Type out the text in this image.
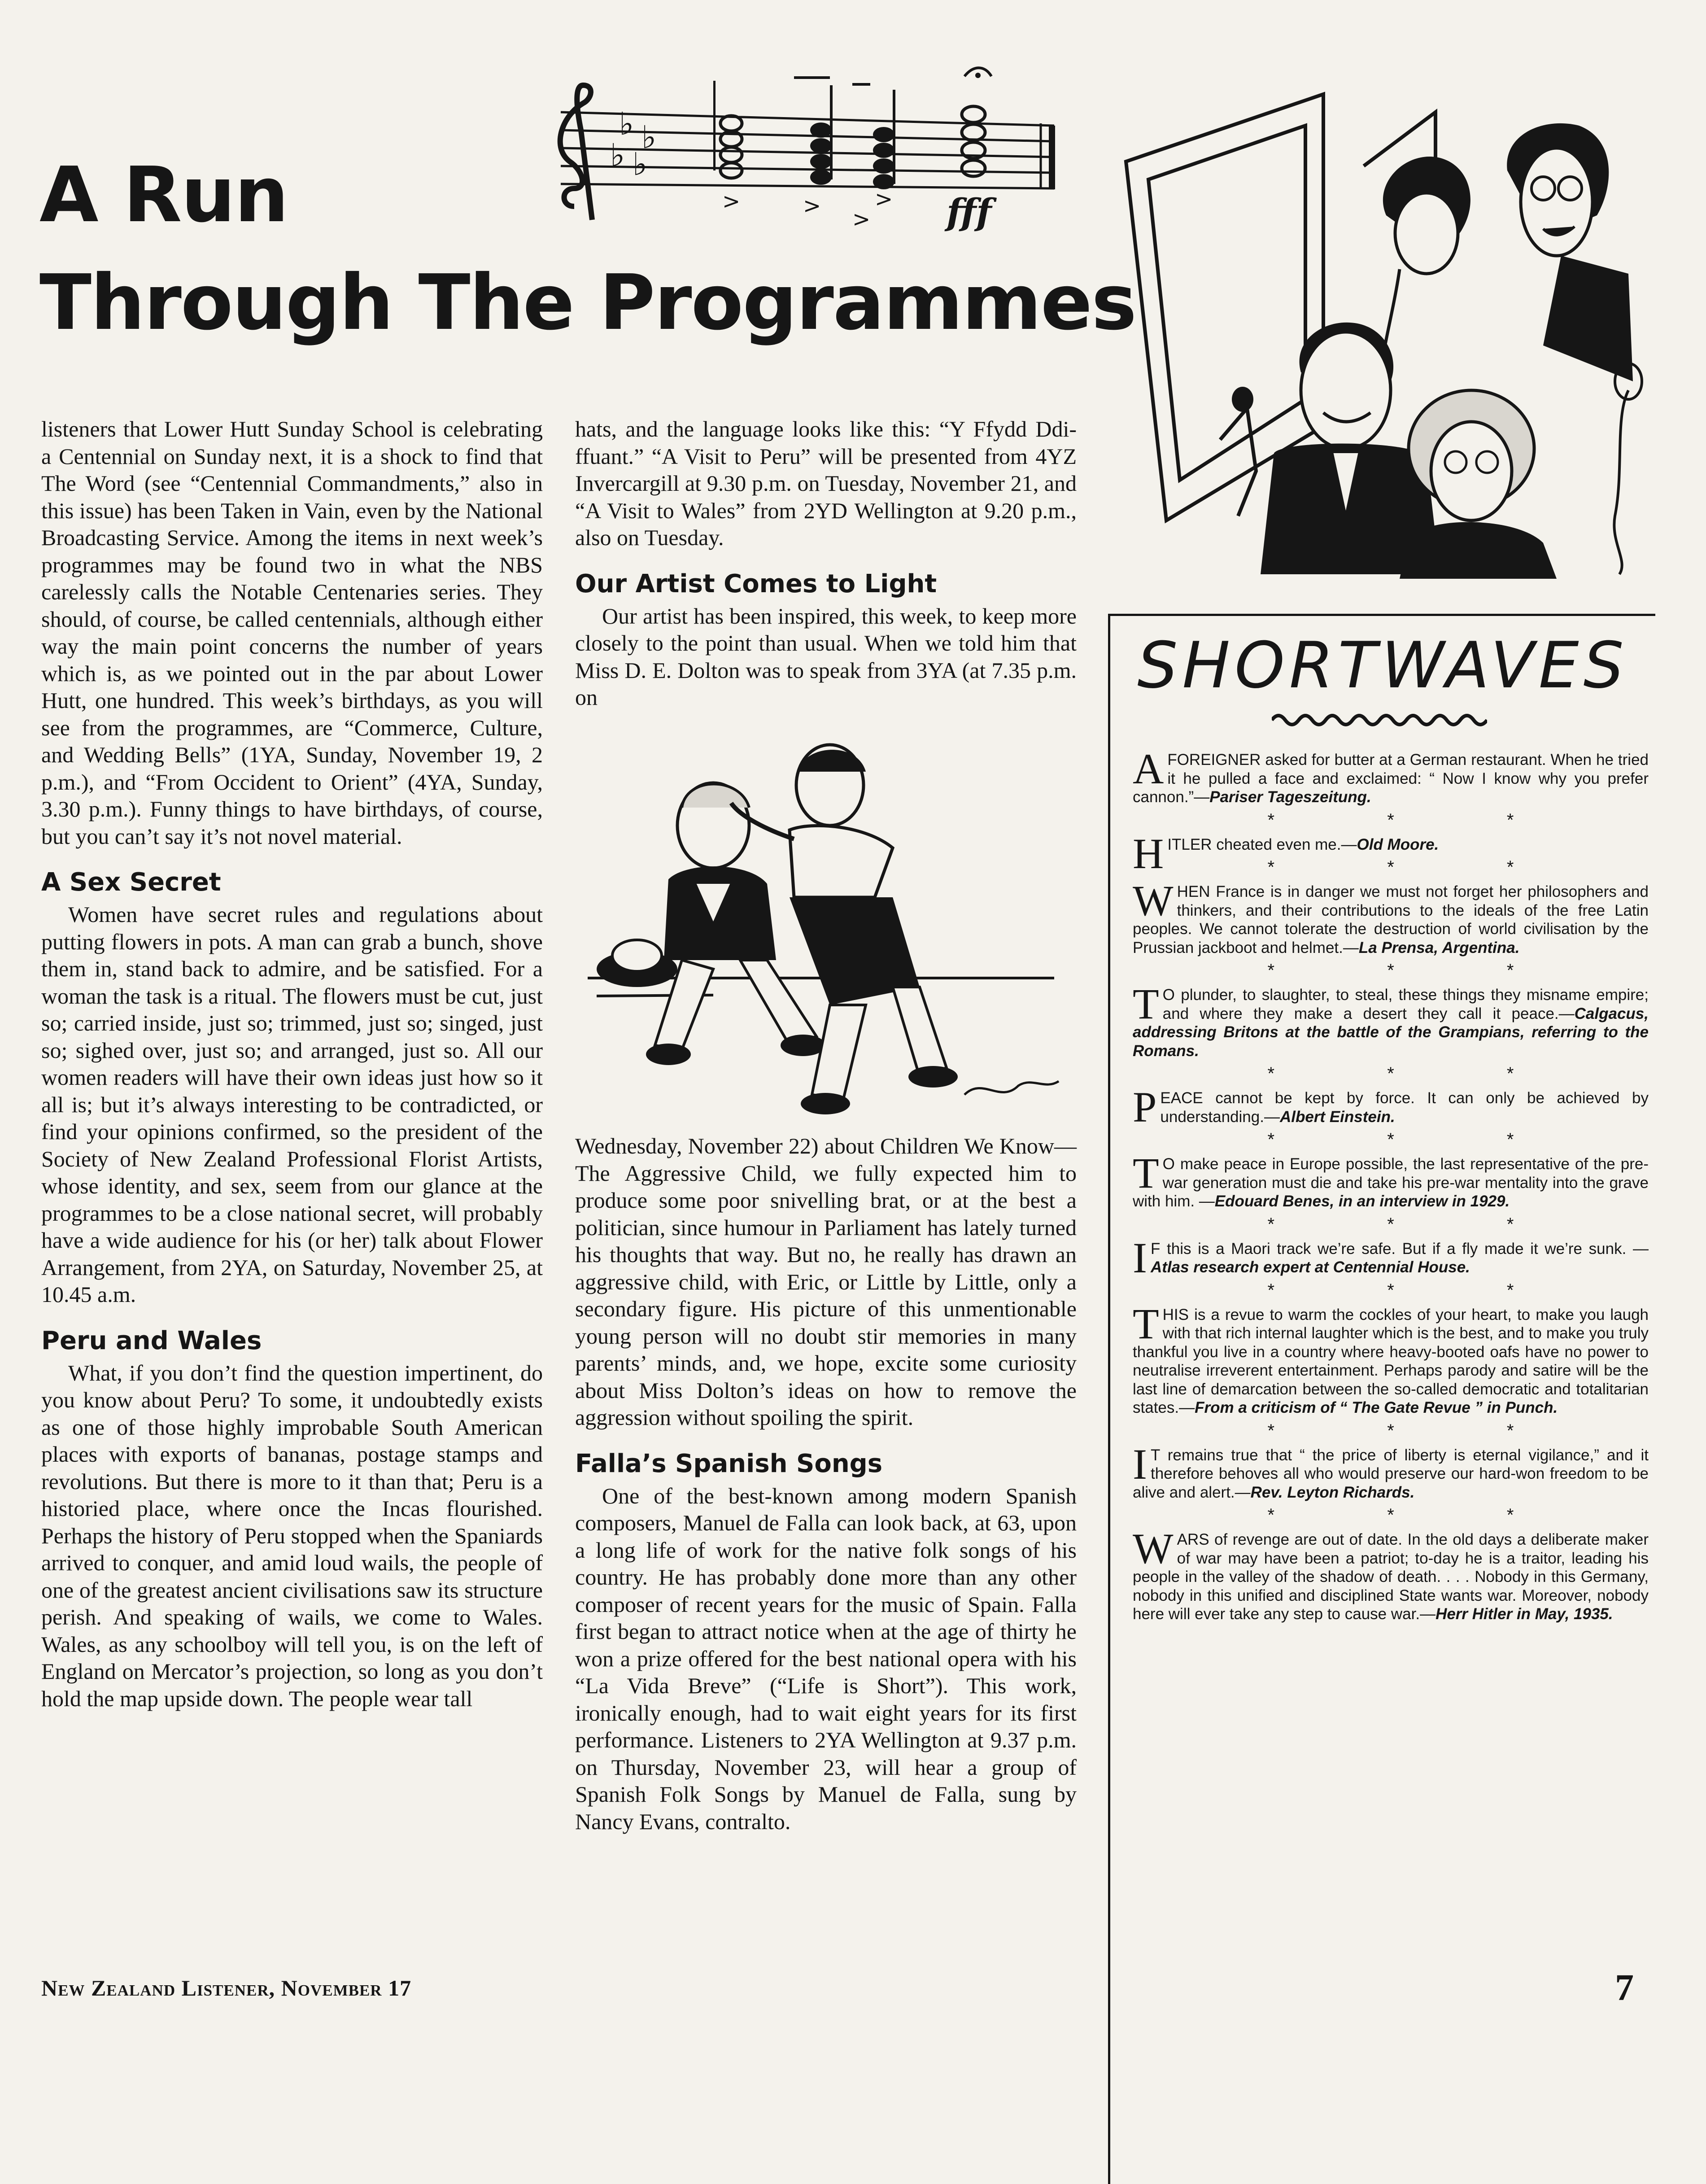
A Run
Through The Programmes
♭ ♭
♭ ♭
>	> >
> fff

listeners that Lower Hutt Sunday School is celebrating a Centennial on Sunday next, it is a shock to find that The Word (see “Centennial Commandments,” also in this issue) has been Taken in Vain, even by the National Broadcasting Service. Among the items in next week’s programmes may be found two in what the NBS carelessly calls the Notable Centenaries series. They should, of course, be called centennials, although either way the main point concerns the number of years which is, as we pointed out in the par about Lower Hutt, one hundred. This week’s birthdays, as you will see from the programmes, are “Commerce, Culture, and Wedding Bells” (1YA, Sunday, November 19, 2 p.m.), and “From Occident to Orient” (4YA, Sunday, 3.30 p.m.). Funny things to have birthdays, of course, but you can’t say it’s not novel material.

A Sex Secret

Women have secret rules and regulations about putting flowers in pots. A man can grab a bunch, shove them in, stand back to admire, and be satisfied. For a woman the task is a ritual. The flowers must be cut, just so; carried inside, just so; trimmed, just so; singed, just so; sighed over, just so; and arranged, just so. All our women readers will have their own ideas just how so it all is; but it’s always interesting to be contradicted, or find your opinions confirmed, so the president of the Society of New Zealand Professional Florist Artists, whose identity, and sex, seem from our glance at the programmes to be a close national secret, will probably have a wide audience for his (or her) talk about Flower Arrangement, from 2YA, on Saturday, November 25, at 10.45 a.m.

Peru and Wales

What, if you don’t find the question impertinent, do you know about Peru? To some, it undoubtedly exists as one of those highly improbable South American places with exports of bananas, postage stamps and revolutions. But there is more to it than that; Peru is a historied place, where once the Incas flourished. Perhaps the history of Peru stopped when the Spaniards arrived to conquer, and amid loud wails, the people of one of the greatest ancient civilisations saw its structure perish. And speaking of wails, we come to Wales. Wales, as any schoolboy will tell you, is on the left of England on Mercator’s projection, so long as you don’t hold the map upside down. The people wear tall

hats, and the language looks like this: “Y Ffydd Ddi-ffuant.” “A Visit to Peru” will be presented from 4YZ Invercargill at 9.30 p.m. on Tuesday, November 21, and “A Visit to Wales” from 2YD Wellington at 9.20 p.m., also on Tuesday.

Our Artist Comes to Light

Our artist has been inspired, this week, to keep more closely to the point than usual. When we told him that Miss D. E. Dolton was to speak from 3YA (at 7.35 p.m. on

Wednesday, November 22) about Children We Know—The Aggressive Child, we fully expected him to produce some poor snivelling brat, or at the best a politician, since humour in Parliament has lately turned his thoughts that way. But no, he really has drawn an aggressive child, with Eric, or Little by Little, only a secondary figure. His picture of this unmentionable young person will no doubt stir memories in many parents’ minds, and, we hope, excite some curiosity about Miss Dolton’s ideas on how to remove the aggression without spoiling the spirit.

Falla’s Spanish Songs

One of the best-known among modern Spanish composers, Manuel de Falla can look back, at 63, upon a long life of work for the native folk songs of his country. He has probably done more than any other composer of recent years for the music of Spain. Falla first began to attract notice when at the age of thirty he won a prize offered for the best national opera with his “La Vida Breve” (“Life is Short”). This work, ironically enough, had to wait eight years for its first performance. Listeners to 2YA Wellington at 9.37 p.m. on Thursday, November 23, will hear a group of Spanish Folk Songs by Manuel de Falla, sung by Nancy Evans, contralto.

SHORTWAVES

AFOREIGNER asked for butter at a German restaurant. When he tried it he pulled a face and exclaimed: “ Now I know why you prefer cannon.”—Pariser Tageszeitung.

* * *

HITLER cheated even me.—Old Moore.

* * *

WHEN France is in danger we must not forget her philosophers and thinkers, and their contributions to the ideals of the free Latin peoples. We cannot tolerate the destruction of world civilisation by the Prussian jackboot and helmet.—La Prensa, Argentina.

* * *

T O plunder, to slaughter, to steal, these things they misname empire; and where they make a desert they call it peace.—Calgacus, addressing Britons at the battle of the Grampians, referring to the Romans.

* * *

PEACE cannot be kept by force. It can only be achieved by understanding.—Albert Einstein.

* * *

T O make peace in Europe possible, the last representative of the pre-war generation must die and take his pre-war mentality into the grave with him. —Edouard Benes, in an interview in 1929.

* * *

I F this is a Maori track we’re safe. But if a fly made it we’re sunk. — Atlas research expert at Centennial House.

* * *

THIS is a revue to warm the cockles of your heart, to make you laugh with that rich internal laughter which is the best, and to make you truly thankful you live in a country where heavy-booted oafs have no power to neutralise irreverent entertainment. Perhaps parody and satire will be the last line of demarcation between the so-called democratic and totalitarian states.—From a criticism of “ The Gate Revue ” in Punch.

* * *

I T remains true that “ the price of liberty is eternal vigilance,” and it therefore behoves all who would preserve our hard-won freedom to be alive and alert.—Rev. Leyton Richards.

* * *

WARS of revenge are out of date. In the old days a deliberate maker of war may have been a patriot; to-day he is a traitor, leading his people in the valley of the shadow of death. . . . Nobody in this Germany, nobody in this unified and disciplined State wants war. Moreover, nobody here will ever take any step to cause war.—Herr Hitler in May, 1935.

New Zealand Listener, November 17	7
